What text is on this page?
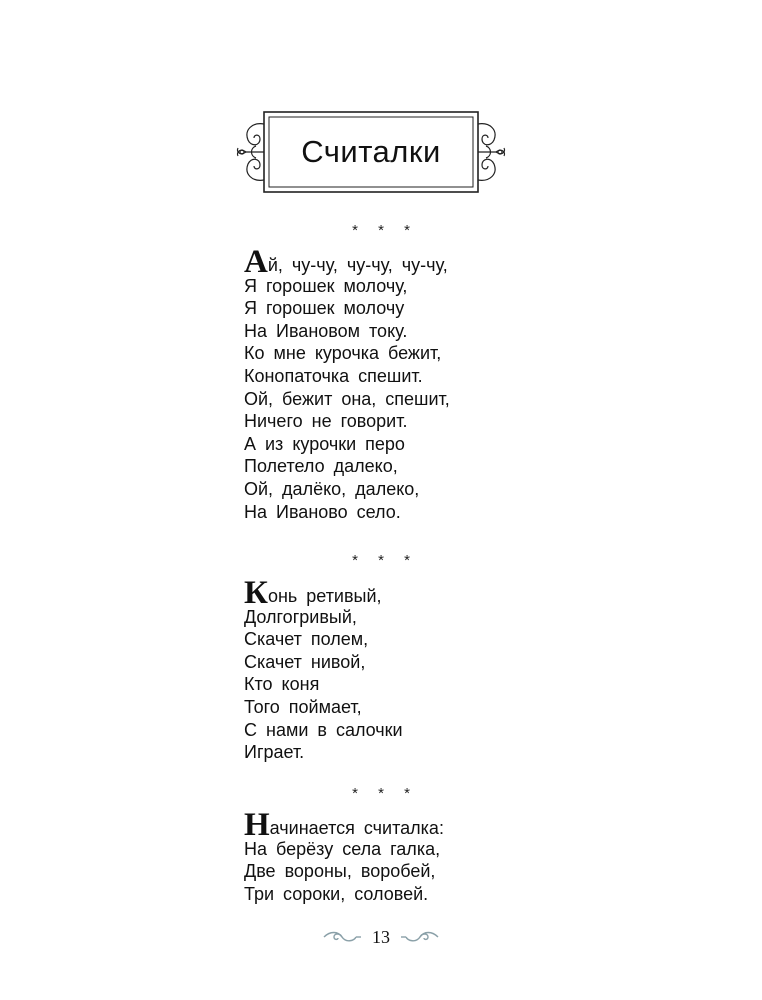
Считалки
* * *
Ай, чу-чу, чу-чу, чу-чу,
Я горошек молочу,
Я горошек молочу
На Ивановом току.
Ко мне курочка бежит,
Конопаточка спешит.
Ой, бежит она, спешит,
Ничего не говорит.
А из курочки перо
Полетело далеко,
Ой, далёко, далеко,
На Иваново село.
* * *
Конь ретивый,
Долгогривый,
Скачет полем,
Скачет нивой,
Кто коня
Того поймает,
С нами в салочки
Играет.
* * *
Начинается считалка:
На берёзу села галка,
Две вороны, воробей,
Три сороки, соловей.
13
